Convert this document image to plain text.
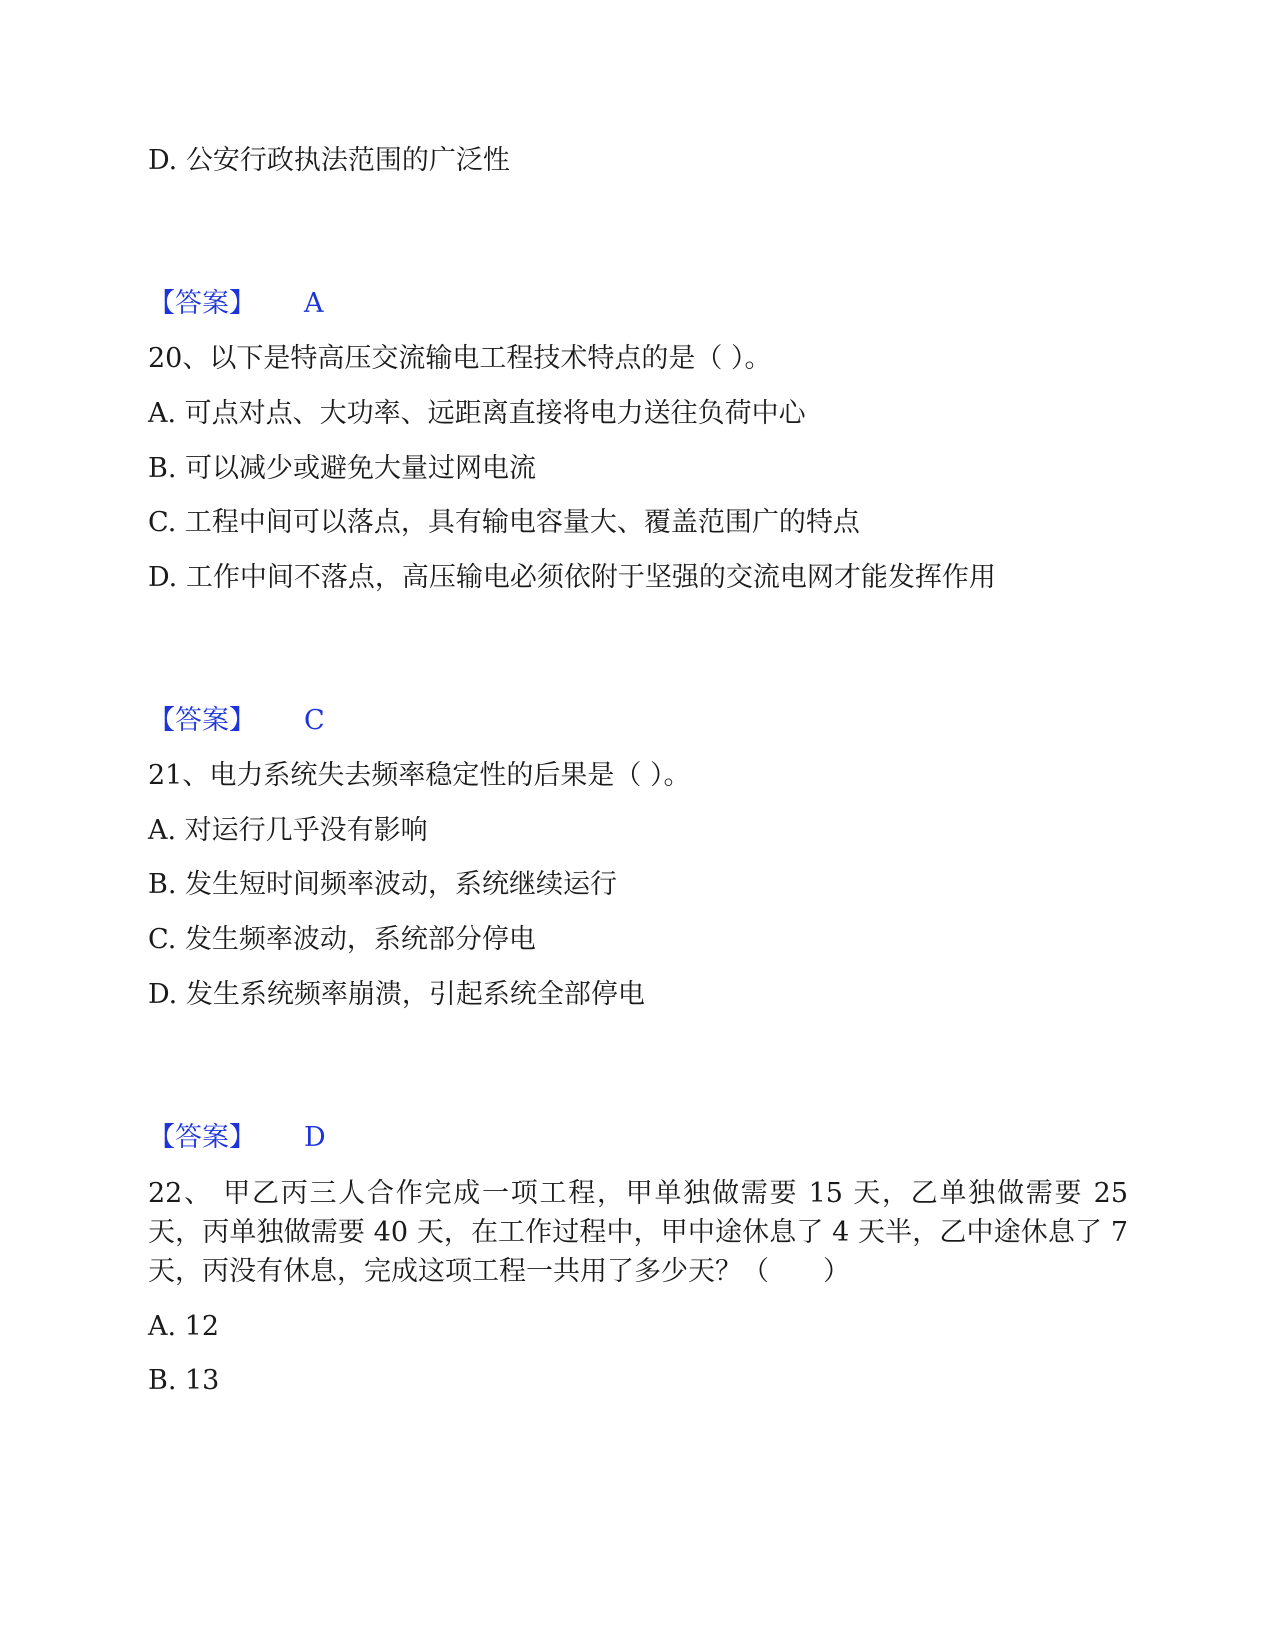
D. 公安行政执法范围的广泛性
【答案】 A
20、以下是特高压交流输电工程技术特点的是（ ）。
A. 可点对点、大功率、远距离直接将电力送往负荷中心
B. 可以减少或避免大量过网电流
C. 工程中间可以落点，具有输电容量大、覆盖范围广的特点
D. 工作中间不落点，高压输电必须依附于坚强的交流电网才能发挥作用
【答案】 C
21、电力系统失去频率稳定性的后果是（ ）。
A. 对运行几乎没有影响
B. 发生短时间频率波动，系统继续运行
C. 发生频率波动，系统部分停电
D. 发生系统频率崩溃，引起系统全部停电
【答案】 D
22、 甲乙丙三人合作完成一项工程，甲单独做需要 15 天，乙单独做需要 25 天，丙单独做需要 40 天，在工作过程中，甲中途休息了 4 天半，乙中途休息了 7 天，丙没有休息，完成这项工程一共用了多少天？（　　）
A. 12
B. 13
